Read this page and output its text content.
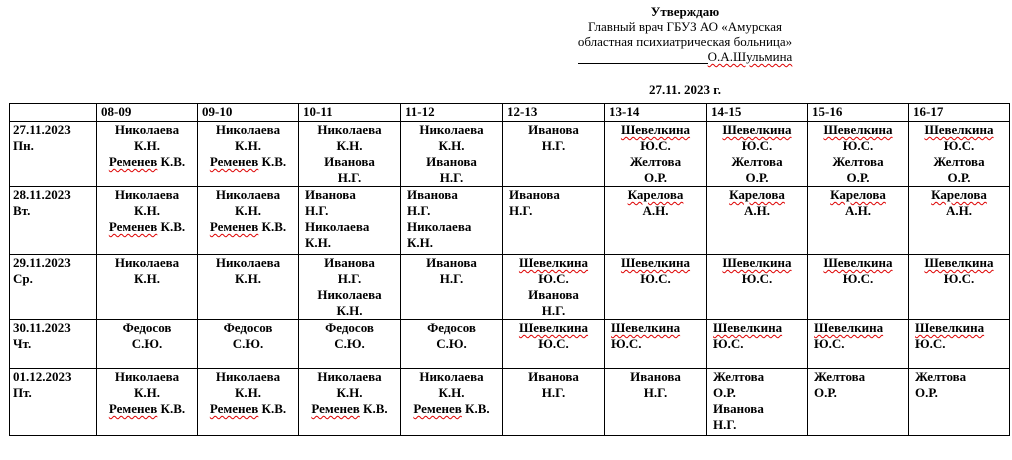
Утверждаю
Главный врач ГБУЗ АО «Амурская
областная психиатрическая больница»
О.А.Шульмина
27.11. 2023 г.
	08-09	09-10	10-11	11-12	12-13	13-14	14-15	15-16	16-17

27.11.2023
Пн.	Николаева
К.Н.
Ременев К.В.	Николаева
К.Н.
Ременев К.В.	Николаева
К.Н.
Иванова
Н.Г.	Николаева
К.Н.
Иванова
Н.Г.	Иванова
Н.Г.	Шевелкина
Ю.С.
Желтова
О.Р.	Шевелкина
Ю.С.
Желтова
О.Р.	Шевелкина
Ю.С.
Желтова
О.Р.	Шевелкина
Ю.С.
Желтова
О.Р.

28.11.2023
Вт.	Николаева
К.Н.
Ременев К.В.	Николаева
К.Н.
Ременев К.В.	Иванова
Н.Г.
Николаева
К.Н.	Иванова
Н.Г.
Николаева
К.Н.	Иванова
Н.Г.	Карелова
А.Н.	Карелова
А.Н.	Карелова
А.Н.	Карелова
А.Н.

29.11.2023
Ср.	Николаева
К.Н.	Николаева
К.Н.	Иванова
Н.Г.
Николаева
К.Н.	Иванова
Н.Г.	Шевелкина
Ю.С.
Иванова
Н.Г.	Шевелкина
Ю.С.	Шевелкина
Ю.С.	Шевелкина
Ю.С.	Шевелкина
Ю.С.

30.11.2023
Чт.	Федосов
С.Ю.	Федосов
С.Ю.	Федосов
С.Ю.	Федосов
С.Ю.	Шевелкина
Ю.С.	Шевелкина
Ю.С.	Шевелкина
Ю.С.	Шевелкина
Ю.С.	Шевелкина
Ю.С.

01.12.2023
Пт.	Николаева
К.Н.
Ременев К.В.	Николаева
К.Н.
Ременев К.В.	Николаева
К.Н.
Ременев К.В.	Николаева
К.Н.
Ременев К.В.	Иванова
Н.Г.	Иванова
Н.Г.	Желтова
О.Р.
Иванова
Н.Г.	Желтова
О.Р.	Желтова
О.Р.
